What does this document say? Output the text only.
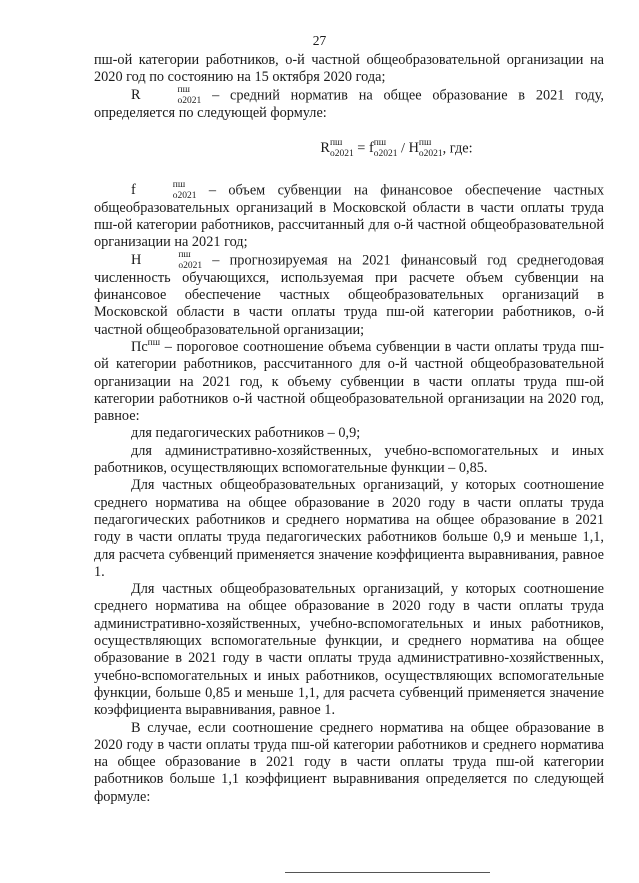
27

пш-ой категории работников, о-й частной общеобразовательной организации на 2020 год по состоянию на 15 октября 2020 года;

R	пш
o2021 – средний норматив на общее образование в 2021 году, определяется по следующей формуле:

R пш
o2021 = f пш
o2021 / H пш
o2021 , где:

f	пш
o2021 – объем субвенции на финансовое обеспечение частных общеобразовательных организаций в Московской области в части оплаты труда пш-ой категории работников, рассчитанный для о-й частной общеобразовательной организации на 2021 год;

H	пш
o2021 – прогнозируемая на 2021 финансовый год среднегодовая численность обучающихся, используемая при расчете объем субвенции на финансовое обеспечение частных общеобразовательных организаций в Московской области в части оплаты труда пш-ой категории работников, о-й частной общеобразовательной организации;

$Пс^{пш}$ – пороговое соотношение объема субвенции в части оплаты труда пш-ой категории работников, рассчитанного для о-й частной общеобразовательной организации на 2021 год, к объему субвенции в части оплаты труда пш-ой категории работников о-й частной общеобразовательной организации на 2020 год, равное:

для педагогических работников – 0,9;

для административно-хозяйственных, учебно-вспомогательных и иных работников, осуществляющих вспомогательные функции – 0,85.

Для частных общеобразовательных организаций, у которых соотношение среднего норматива на общее образование в 2020 году в части оплаты труда педагогических работников и среднего норматива на общее образование в 2021 году в части оплаты труда педагогических работников больше 0,9 и меньше 1,1, для расчета субвенций применяется значение коэффициента выравнивания, равное 1.

Для частных общеобразовательных организаций, у которых соотношение среднего норматива на общее образование в 2020 году в части оплаты труда административно-хозяйственных, учебно-вспомогательных и иных работников, осуществляющих вспомогательные функции, и среднего норматива на общее образование в 2021 году в части оплаты труда административно-хозяйственных, учебно-вспомогательных и иных работников, осуществляющих вспомогательные функции, больше 0,85 и меньше 1,1, для расчета субвенций применяется значение коэффициента выравнивания, равное 1.

В случае, если соотношение среднего норматива на общее образование в 2020 году в части оплаты труда пш-ой категории работников и среднего норматива на общее образование в 2021 году в части оплаты труда пш-ой категории работников больше 1,1 коэффициент выравнивания определяется по следующей формуле:
